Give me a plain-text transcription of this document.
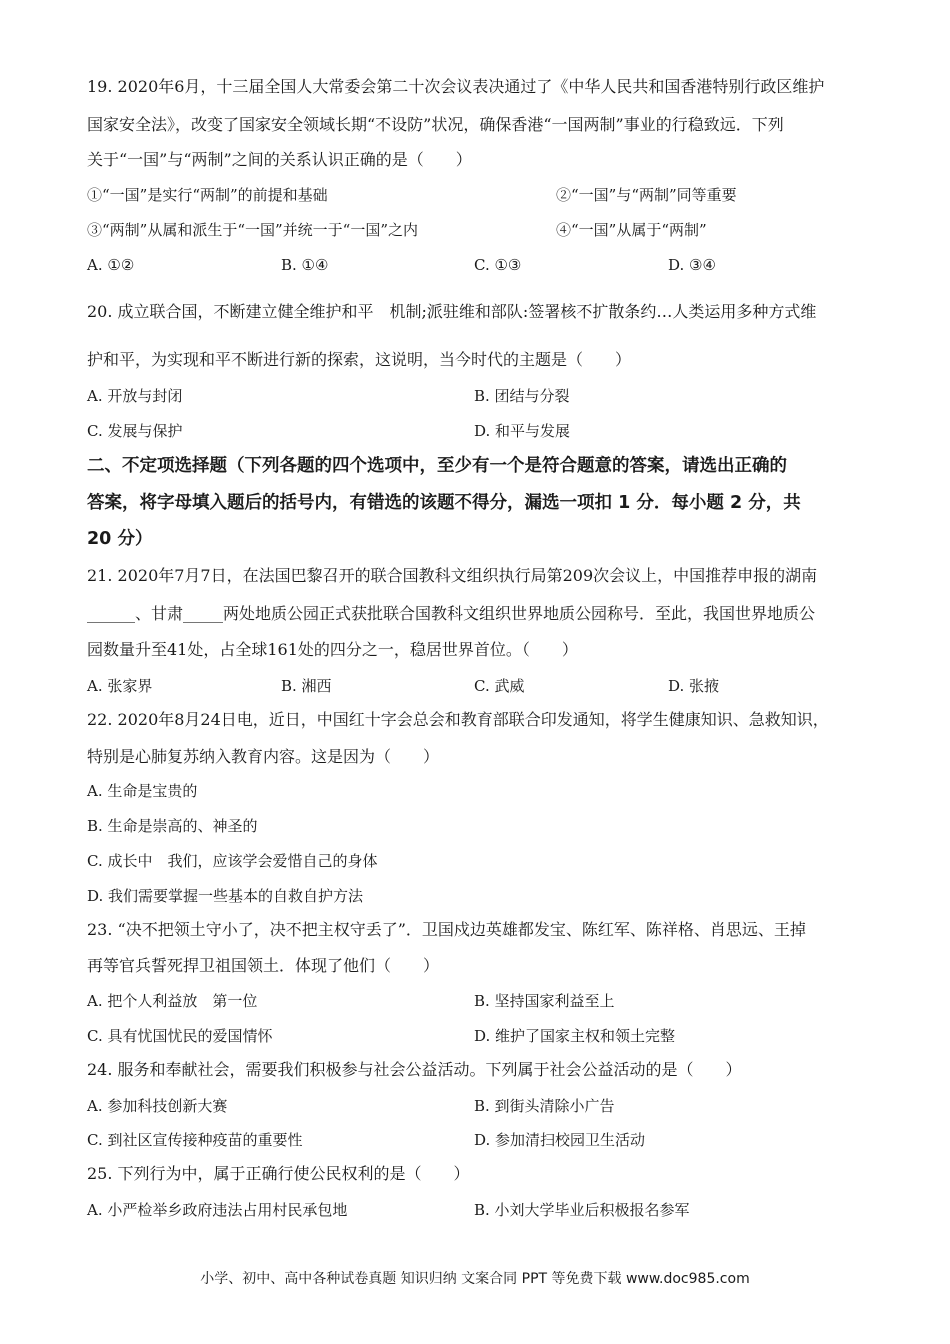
19. 2020年6月，十三届全国人大常委会第二十次会议表决通过了《中华人民共和国香港特别行政区维护
国家安全法》，改变了国家安全领域长期“不设防”状况，确保香港“一国两制”事业的行稳致远．下列
关于“一国”与“两制”之间的关系认识正确的是（　　）
①“一国”是实行“两制”的前提和基础	②“一国”与“两制”同等重要
③“两制”从属和派生于“一国”并统一于“一国”之内	④“一国”从属于“两制”
A. ①②	B. ①④	C. ①③	D. ③④
20. 成立联合国，不断建立健全维护和平　机制;派驻维和部队:签署核不扩散条约…人类运用多种方式维
护和平，为实现和平不断进行新的探索，这说明，当今时代的主题是（　　）
A. 开放与封闭	B. 团结与分裂
C. 发展与保护	D. 和平与发展
二、不定项选择题（下列各题的四个选项中，至少有一个是符合题意的答案，请选出正确的
答案，将字母填入题后的括号内，有错选的该题不得分，漏选一项扣 1 分．每小题 2 分，共
20 分）
21. 2020年7月7日，在法国巴黎召开的联合国教科文组织执行局第209次会议上，中国推荐申报的湖南
______、甘肃_____两处地质公园正式获批联合国教科文组织世界地质公园称号．至此，我国世界地质公
园数量升至41处，占全球161处的四分之一，稳居世界首位。（　　）
A. 张家界	B. 湘西	C. 武威	D. 张掖
22. 2020年8月24日电，近日，中国红十字会总会和教育部联合印发通知，将学生健康知识、急救知识，
特别是心肺复苏纳入教育内容。这是因为（　　）
A. 生命是宝贵的
B. 生命是崇高的、神圣的
C. 成长中　我们，应该学会爱惜自己的身体
D. 我们需要掌握一些基本的自救自护方法
23. “决不把领土守小了，决不把主权守丢了”．卫国戍边英雄都发宝、陈红军、陈祥格、肖思远、王掉
再等官兵誓死捍卫祖国领土．体现了他们（　　）
A. 把个人利益放　第一位	B. 坚持国家利益至上
C. 具有忧国忧民的爱国情怀	D. 维护了国家主权和领土完整
24. 服务和奉献社会，需要我们积极参与社会公益活动。下列属于社会公益活动的是（　　）
A. 参加科技创新大赛	B. 到街头清除小广告
C. 到社区宣传接种疫苗的重要性	D. 参加清扫校园卫生活动
25. 下列行为中，属于正确行使公民权利的是（　　）
A. 小严检举乡政府违法占用村民承包地	B. 小刘大学毕业后积极报名参军
小学、初中、高中各种试卷真题 知识归纳 文案合同 PPT 等免费下载 www.doc985.com
